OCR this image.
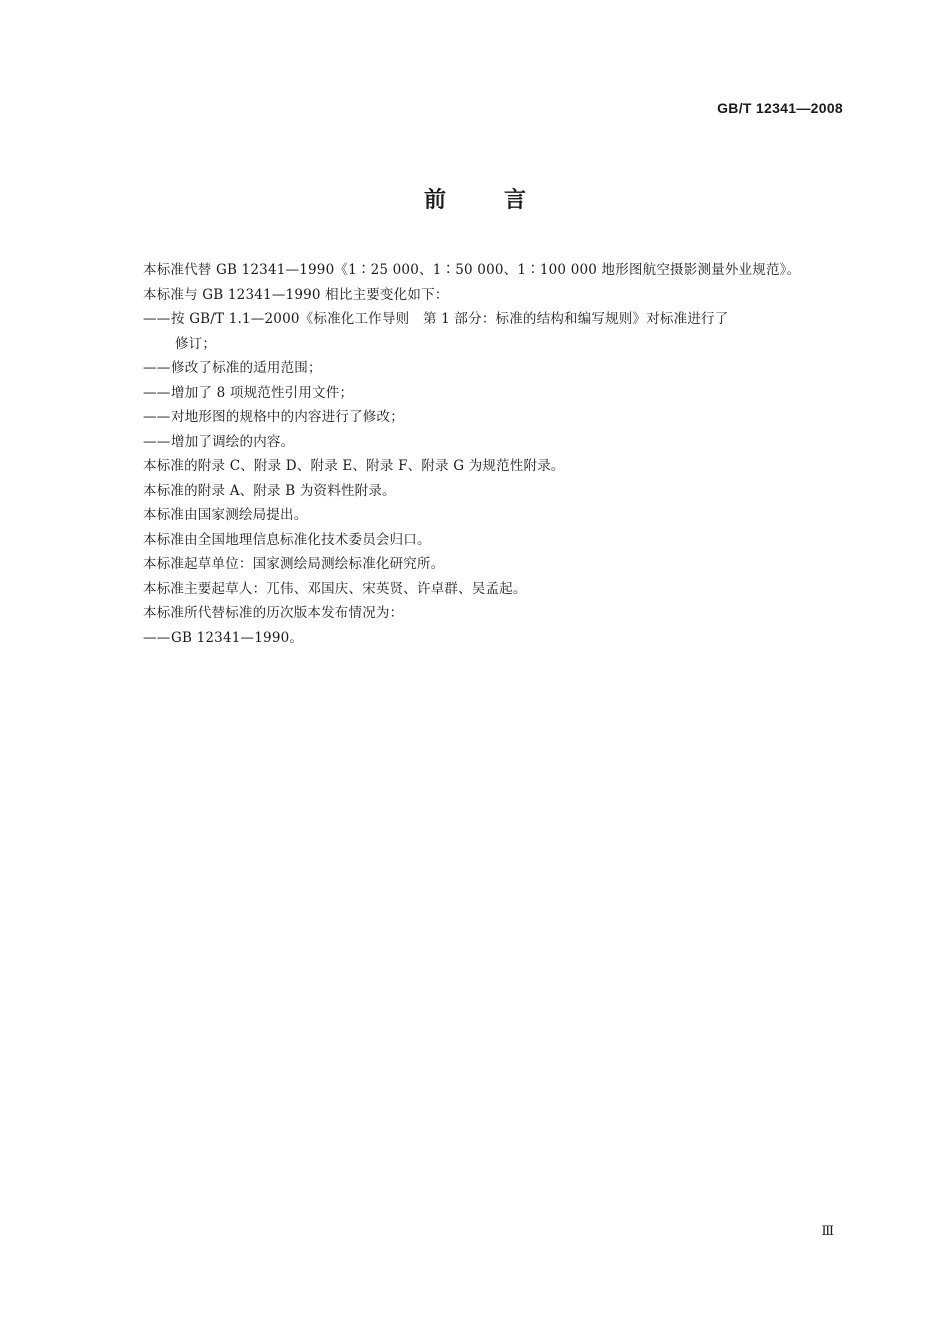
GB/T 12341—2008
前言
本标准代替 GB 12341—1990《1∶25 000、1∶50 000、1∶100 000 地形图航空摄影测量外业规范》。
本标准与 GB 12341—1990 相比主要变化如下：
——按 GB/T 1.1—2000《标准化工作导则　第 1 部分：标准的结构和编写规则》对标准进行了
修订；
——修改了标准的适用范围；
——增加了 8 项规范性引用文件；
——对地形图的规格中的内容进行了修改；
——增加了调绘的内容。
本标准的附录 C、附录 D、附录 E、附录 F、附录 G 为规范性附录。
本标准的附录 A、附录 B 为资料性附录。
本标准由国家测绘局提出。
本标准由全国地理信息标准化技术委员会归口。
本标准起草单位：国家测绘局测绘标准化研究所。
本标准主要起草人：兀伟、邓国庆、宋英贤、许卓群、吴孟起。
本标准所代替标准的历次版本发布情况为：
——GB 12341—1990。
Ⅲ
